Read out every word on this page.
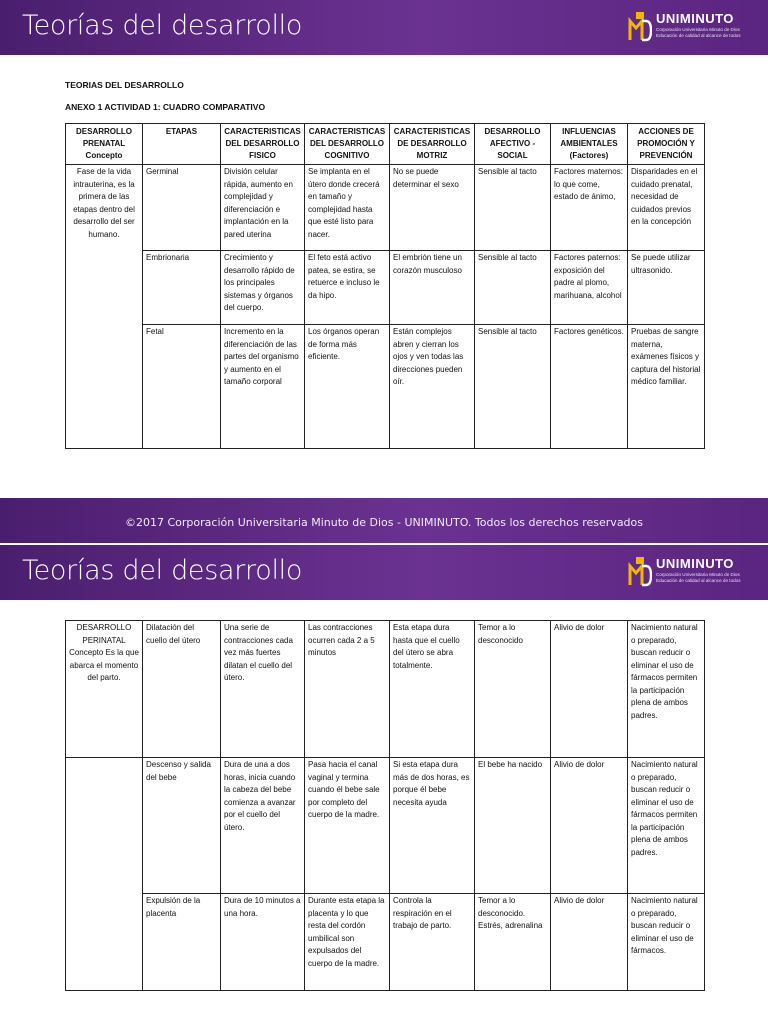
Teorías del desarrollo	UNIMINUTO
Corporación Universitaria Minuto de Dios
Educación de calidad al alcance de todos
TEORIAS DEL DESARROLLO
ANEXO 1 ACTIVIDAD 1: CUADRO COMPARATIVO
DESARROLLO PRENATAL Concepto	ETAPAS	CARACTERISTICAS DEL DESARROLLO FISICO	CARACTERISTICAS DEL DESARROLLO COGNITIVO	CARACTERISTICAS DE DESARROLLO MOTRIZ	DESARROLLO AFECTIVO - SOCIAL	INFLUENCIAS AMBIENTALES (Factores)	ACCIONES DE PROMOCIÓN Y PREVENCIÓN
Fase de la vida intrauterina, es la primera de las etapas dentro del desarrollo del ser humano.	Germinal	División celular rápida, aumento en complejidad y diferenciación e implantación en la pared uterina	Se implanta en el útero donde crecerá en tamaño y complejidad hasta que esté listo para nacer.	No se puede determinar el sexo	Sensible al tacto	Factores maternos: lo que come, estado de ánimo,	Disparidades en el cuidado prenatal, necesidad de cuidados previos en la concepción
	Embrionaria	Crecimiento y desarrollo rápido de los principales sistemas y órganos del cuerpo.	El feto está activo patea, se estira, se retuerce e incluso le da hipo.	El embrión tiene un corazón musculoso	Sensible al tacto	Factores paternos: exposición del padre al plomo, marihuana, alcohol	Se puede utilizar ultrasonido.
	Fetal	Incremento en la diferenciación de las partes del organismo y aumento en el tamaño corporal	Los órganos operan de forma más eficiente.	Están complejos abren y cierran los ojos y ven todas las direcciones pueden oír.	Sensible al tacto	Factores genéticos.	Pruebas de sangre materna, exámenes físicos y captura del historial médico familiar.
©2017 Corporación Universitaria Minuto de Dios - UNIMINUTO. Todos los derechos reservados
Teorías del desarrollo	UNIMINUTO
Corporación Universitaria Minuto de Dios
Educación de calidad al alcance de todos
DESARROLLO PERINATAL Concepto Es la que abarca el momento del parto.	Dilatación del cuello del útero	Una serie de contracciones cada vez más fuertes dilatan el cuello del útero.	Las contracciones ocurren cada 2 a 5 minutos	Esta etapa dura hasta que el cuello del útero se abra totalmente.	Temor a lo desconocido	Alivio de dolor	Nacimiento natural o preparado, buscan reducir o eliminar el uso de fármacos permiten la participación plena de ambos padres.
	Descenso y salida del bebe	Dura de una a dos horas, inicia cuando la cabeza del bebe comienza a avanzar por el cuello del útero.	Pasa hacia el canal vaginal y termina cuando él bebe sale por completo del cuerpo de la madre.	Si esta etapa dura más de dos horas, es porque él bebe necesita ayuda	El bebe ha nacido	Alivio de dolor	Nacimiento natural o preparado, buscan reducir o eliminar el uso de fármacos permiten la participación plena de ambos padres.
	Expulsión de la placenta	Dura de 10 minutos a una hora.	Durante esta etapa la placenta y lo que resta del cordón umbilical son expulsados del cuerpo de la madre.	Controla la respiración en el trabajo de parto.	Temor a lo desconocido. Estrés, adrenalina	Alivio de dolor	Nacimiento natural o preparado, buscan reducir o eliminar el uso de fármacos.
